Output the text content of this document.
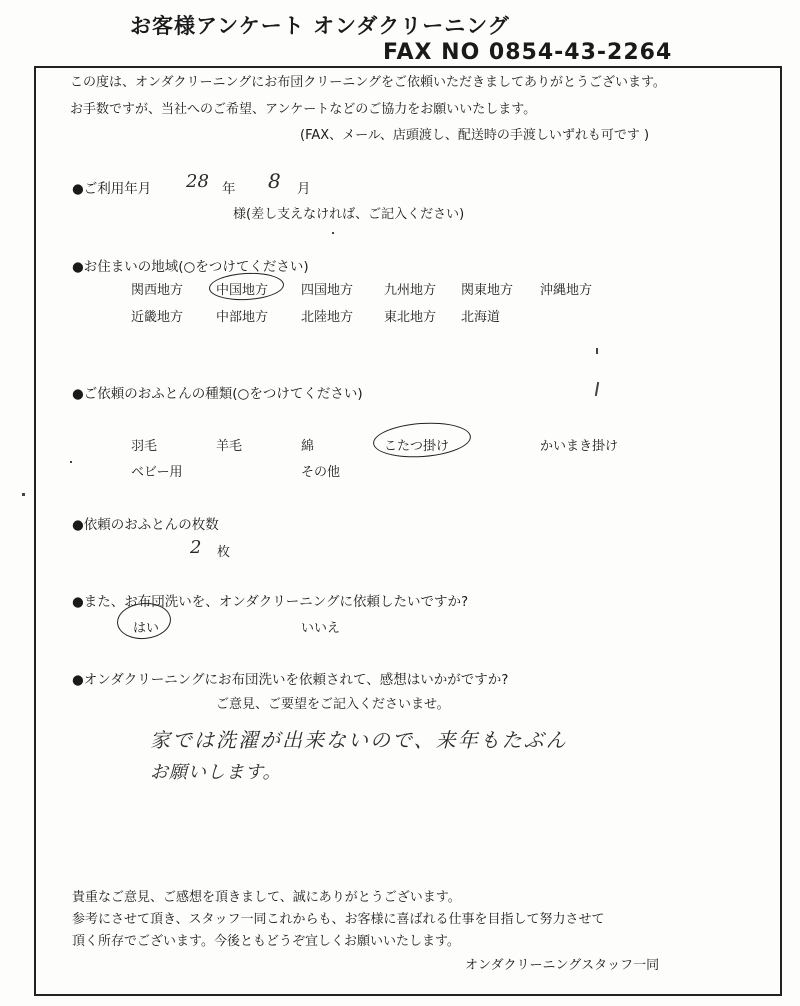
お客様アンケート オンダクリーニング
FAX NO 0854-43-2264
この度は、オンダクリーニングにお布団クリーニングをご依頼いただきましてありがとうございます。
お手数ですが、当社へのご希望、アンケートなどのご協力をお願いいたします。
(FAX、メール、店頭渡し、配送時の手渡しいずれも可です )
●ご利用年月 28 年 8 月
様(差し支えなければ、ご記入ください)
●お住まいの地域(○をつけてください)
関西地方	中国地方	四国地方 九州地方 関東地方 沖縄地方
近畿地方	中部地方	北陸地方 東北地方 北海道
●ご依頼のおふとんの種類(○をつけてください)
羽毛	羊毛	綿	こたつ掛け	かいまき掛け
ベビー用	その他
●依頼のおふとんの枚数
2 枚
●また、お布団洗いを、オンダクリーニングに依頼したいですか?
はい	いいえ
●オンダクリーニングにお布団洗いを依頼されて、感想はいかがですか?
ご意見、ご要望をご記入くださいませ。
家では洗濯が出来ないので、来年もたぶん
お願いします。
貴重なご意見、ご感想を頂きまして、誠にありがとうございます。
参考にさせて頂き、スタッフ一同これからも、お客様に喜ばれる仕事を目指して努力させて
頂く所存でございます。今後ともどうぞ宜しくお願いいたします。
オンダクリーニングスタッフ一同
